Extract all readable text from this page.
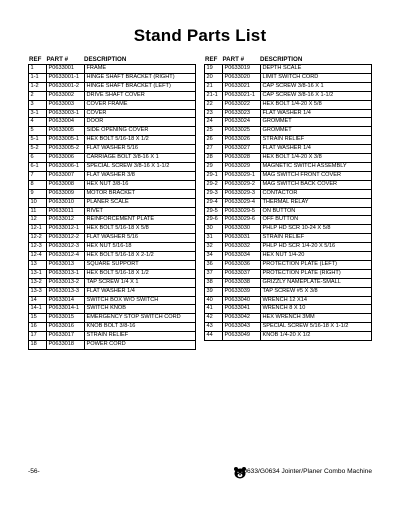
Stand Parts List
REF PART #	DESCRIPTION
1	P0633001	FRAME
1-1	P0633001-1	HINGE SHAFT BRACKET (RIGHT)
1-2	P0633001-2	HINGE SHAFT BRACKET (LEFT)
2	P0633002	DRIVE SHAFT COVER
3	P0633003	COVER FRAME
3-1	P0633003-1	COVER
4	P0633004	DOOR
5	P0633005	SIDE OPENING COVER
5-1	P0633005-1	HEX BOLT 5/16-18 X 1/2
5-2	P0633005-2	FLAT WASHER 5/16
6	P0633006	CARRIAGE BOLT 3/8-16 X 1
6-1	P0633006-1	SPECIAL SCREW 3/8-16 X 1-1/2
7	P0633007	FLAT WASHER 3/8
8	P0633008	HEX NUT 3/8-16
9	P0633009	MOTOR BRACKET
10	P0633010	PLANER SCALE
11	P0633011	RIVET
12	P0633012	REINFORCEMENT PLATE
12-1	P0633012-1	HEX BOLT 5/16-18 X 5/8
12-2	P0633012-2	FLAT WASHER 5/16
12-3	P0633012-3	HEX NUT 5/16-18
12-4	P0633012-4	HEX BOLT 5/16-18 X 2-1/2
13	P0633013	SQUARE SUPPORT
13-1	P0633013-1	HEX BOLT 5/16-18 X 1/2
13-2	P0633013-2	TAP SCREW 1/4 X 1
13-3	P0633013-3	FLAT WASHER 1/4
14	P0633014	SWITCH BOX W/O SWITCH
14-1	P0633014-1	SWITCH KNOB
15	P0633015	EMERGENCY STOP SWITCH CORD
16	P0633016	KNOB BOLT 3/8-16
17	P0633017	STRAIN RELIEF
18	P0633018	POWER CORD
REF PART #	DESCRIPTION
19	P0633019	DEPTH SCALE
20	P0633020	LIMIT SWITCH CORD
21	P0633021	CAP SCREW 3/8-16 X 1
21-1	P0633021-1	CAP SCREW 3/8-16 X 1-1/2
22	P0633022	HEX BOLT 1/4-20 X 5/8
23	P0633023	FLAT WASHER 1/4
24	P0633024	GROMMET
25	P0633025	GROMMET
26	P0633026	STRAIN RELIEF
27	P0633027	FLAT WASHER 1/4
28	P0633028	HEX BOLT 1/4-20 X 3/8
29	P0633029	MAGNETIC SWITCH ASSEMBLY
29-1	P0633029-1	MAG SWITCH FRONT COVER
29-2	P0633029-2	MAG SWITCH BACK COVER
29-3	P0633029-3	CONTACTOR
29-4	P0633029-4	THERMAL RELAY
29-5	P0633029-5	ON BUTTON
29-6	P0633029-6	OFF BUTTON
30	P0633030	PHLP HD SCR 10-24 X 5/8
31	P0633031	STRAIN RELIEF
32	P0633032	PHLP HD SCR 1/4-20 X 5/16
34	P0633034	HEX NUT 1/4-20
36	P0633036	PROTECTION PLATE (LEFT)
37	P0633037	PROTECTION PLATE (RIGHT)
38	P0633038	GRIZZLY NAMEPLATE-SMALL
39	P0633039	TAP SCREW #5 X 3/8
40	P0633040	WRENCH 12 X14
41	P0633041	WRENCH 8 X 10
42	P0633042	HEX WRENCH 3MM
43	P0633043	SPECIAL SCREW 5/16-18 X 1-1/2
44	P0633049	KNOB 1/4-20 X 1/2
-56-	G0633/G0634 Jointer/Planer Combo Machine
